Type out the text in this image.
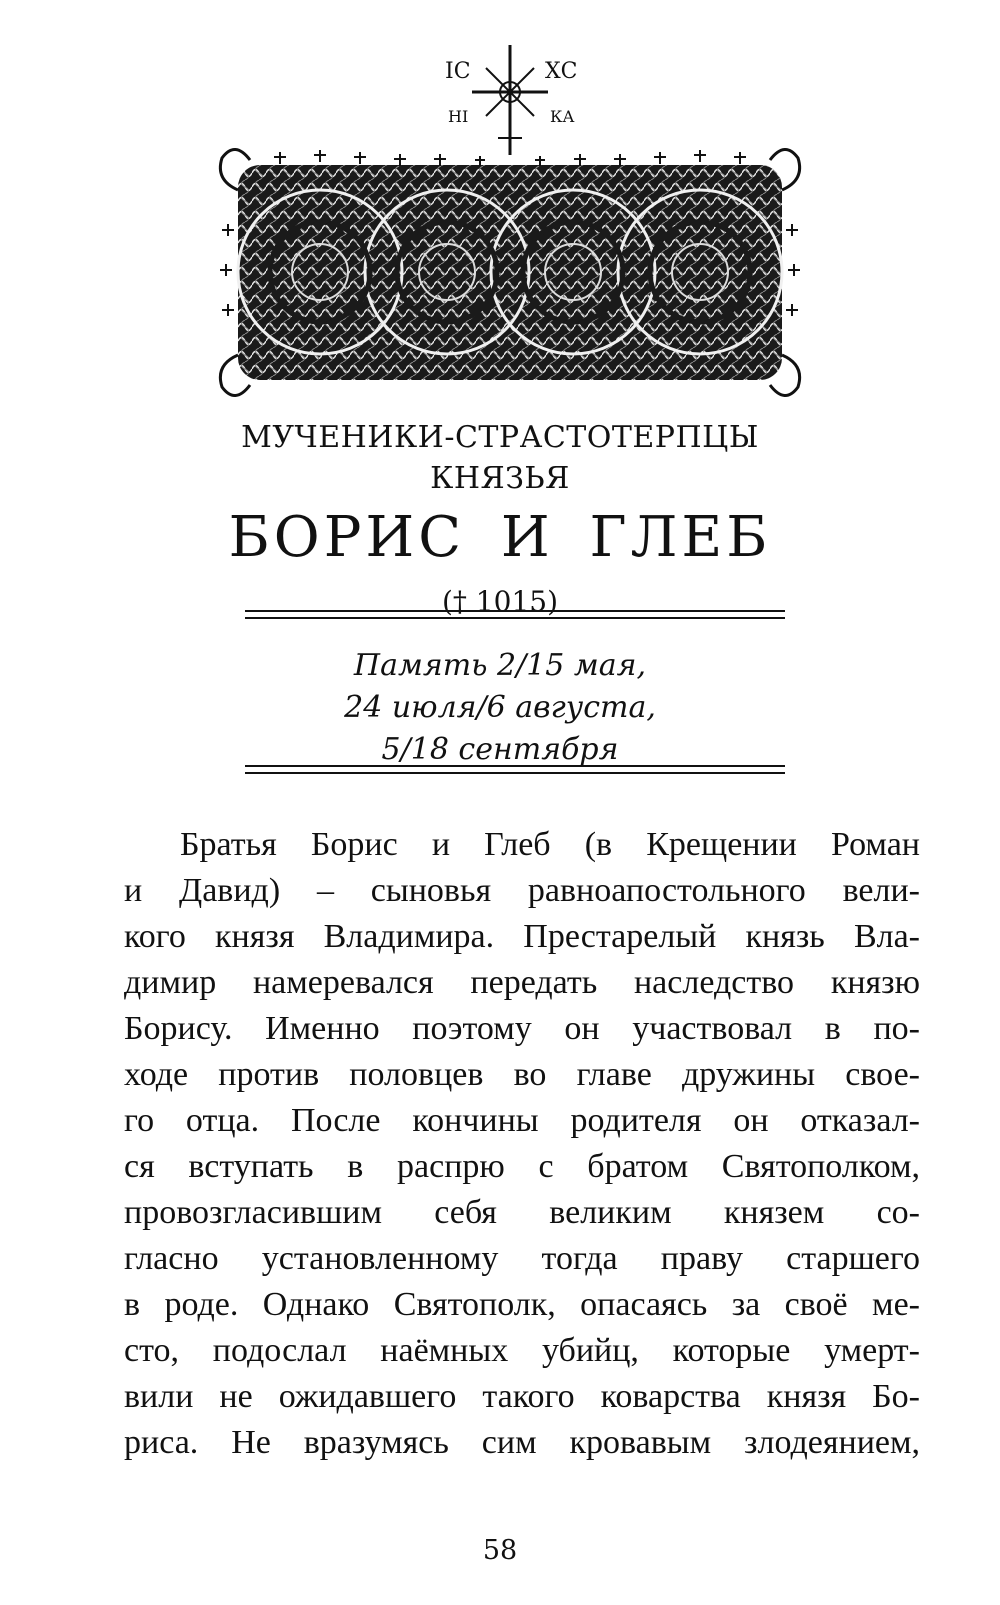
ІС	ХС
НІ	КА
МУЧЕНИКИ-СТРАСТОТЕРПЦЫ
КНЯЗЬЯ
БОРИС И ГЛЕБ
(† 1015)
Память 2/15 мая,
24 июля/6 августа,
5/18 сентября
Братья Борис и Глеб (в Крещении Роман
и Давид) – сыновья равноапостольного вели-
кого князя Владимира. Престарелый князь Вла-
димир намеревался передать наследство князю
Борису. Именно поэтому он участвовал в по-
ходе против половцев во главе дружины свое-
го отца. После кончины родителя он отказал-
ся вступать в распрю с братом Святополком,
провозгласившим себя великим князем со-
гласно установленному тогда праву старшего
в роде. Однако Святополк, опасаясь за своё ме-
сто, подослал наёмных убийц, которые умерт-
вили не ожидавшего такого коварства князя Бо-
риса. Не вразумясь сим кровавым злодеянием,
58
